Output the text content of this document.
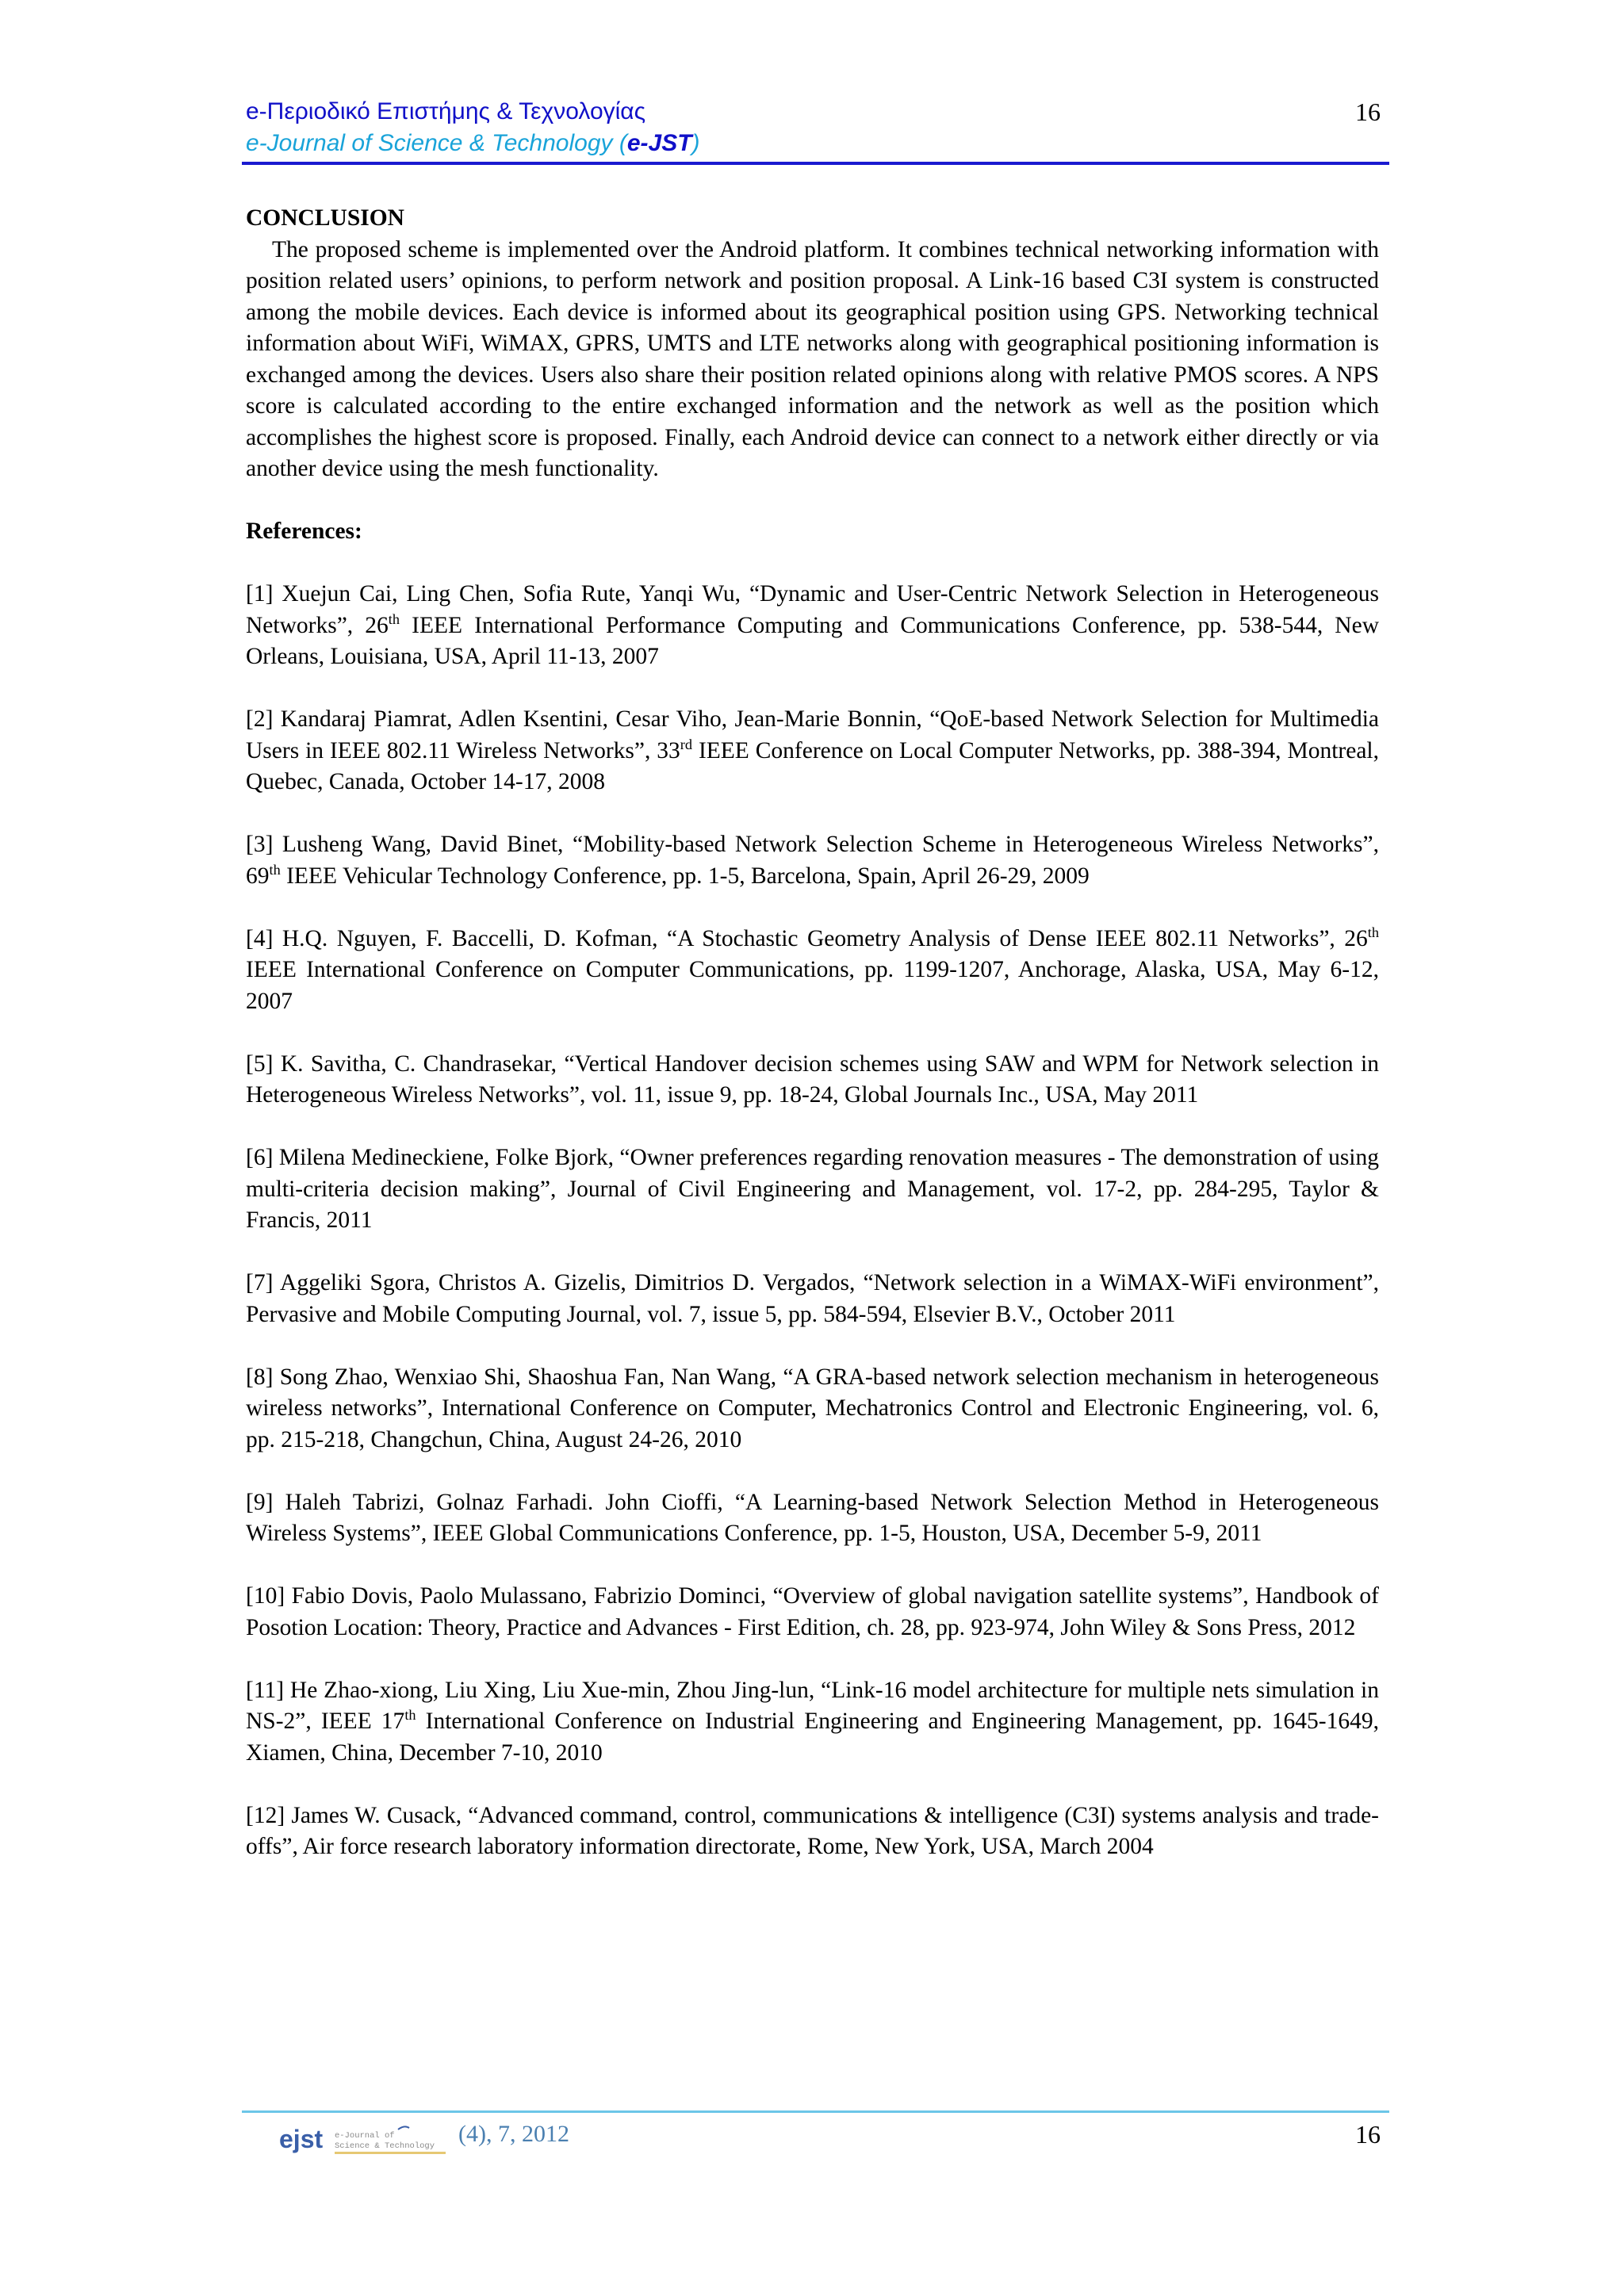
e-Περιοδικό Επιστήμης & Τεχνολογίας
e-Journal of Science & Technology (e-JST)
16
CONCLUSION

The proposed scheme is implemented over the Android platform. It combines technical networking information with position related users’ opinions, to perform network and position proposal. A Link-16 based C3I system is constructed among the mobile devices. Each device is informed about its geographical position using GPS. Networking technical information about WiFi, WiMAX, GPRS, UMTS and LTE networks along with geographical positioning information is exchanged among the devices. Users also share their position related opinions along with relative PMOS scores. A NPS score is calculated according to the entire exchanged information and the network as well as the position which accomplishes the highest score is proposed. Finally, each Android device can connect to a network either directly or via another device using the mesh functionality.

References:

[1] Xuejun Cai, Ling Chen, Sofia Rute, Yanqi Wu, “Dynamic and User-Centric Network Selection in Heterogeneous Networks”, 26th IEEE International Performance Computing and Communications Conference, pp. 538-544, New Orleans, Louisiana, USA, April 11-13, 2007

[2] Kandaraj Piamrat, Adlen Ksentini, Cesar Viho, Jean-Marie Bonnin, “QoE-based Network Selection for Multimedia Users in IEEE 802.11 Wireless Networks”, 33rd IEEE Conference on Local Computer Networks, pp. 388-394, Montreal, Quebec, Canada, October 14-17, 2008

[3] Lusheng Wang, David Binet, “Mobility-based Network Selection Scheme in Heterogeneous Wireless Networks”, 69th IEEE Vehicular Technology Conference, pp. 1-5, Barcelona, Spain, April 26-29, 2009

[4] H.Q. Nguyen, F. Baccelli, D. Kofman, “A Stochastic Geometry Analysis of Dense IEEE 802.11 Networks”, 26th IEEE International Conference on Computer Communications, pp. 1199-1207, Anchorage, Alaska, USA, May 6-12, 2007

[5] K. Savitha, C. Chandrasekar, “Vertical Handover decision schemes using SAW and WPM for Network selection in Heterogeneous Wireless Networks”, vol. 11, issue 9, pp. 18-24, Global Journals Inc., USA, May 2011

[6] Milena Medineckiene, Folke Bjork, “Owner preferences regarding renovation measures - The demonstration of using multi-criteria decision making”, Journal of Civil Engineering and Management, vol. 17-2, pp. 284-295, Taylor & Francis, 2011

[7] Aggeliki Sgora, Christos A. Gizelis, Dimitrios D. Vergados, “Network selection in a WiMAX-WiFi environment”, Pervasive and Mobile Computing Journal, vol. 7, issue 5, pp. 584-594, Elsevier B.V., October 2011

[8] Song Zhao, Wenxiao Shi, Shaoshua Fan, Nan Wang, “A GRA-based network selection mechanism in heterogeneous wireless networks”, International Conference on Computer, Mechatronics Control and Electronic Engineering, vol. 6, pp. 215-218, Changchun, China, August 24-26, 2010

[9] Haleh Tabrizi, Golnaz Farhadi. John Cioffi, “A Learning-based Network Selection Method in Heterogeneous Wireless Systems”, IEEE Global Communications Conference, pp. 1-5, Houston, USA, December 5-9, 2011

[10] Fabio Dovis, Paolo Mulassano, Fabrizio Dominci, “Overview of global navigation satellite systems”, Handbook of Posotion Location: Theory, Practice and Advances - First Edition, ch. 28, pp. 923-974, John Wiley & Sons Press, 2012

[11] He Zhao-xiong, Liu Xing, Liu Xue-min, Zhou Jing-lun, “Link-16 model architecture for multiple nets simulation in NS-2”, IEEE 17th International Conference on Industrial Engineering and Engineering Management, pp. 1645-1649, Xiamen, China, December 7-10, 2010

[12] James W. Cusack, “Advanced command, control, communications & intelligence (C3I) systems analysis and trade-offs”, Air force research laboratory information directorate, Rome, New York, USA, March 2004

ejst e-Journal of
Science & Technology (4), 7, 2012	16
